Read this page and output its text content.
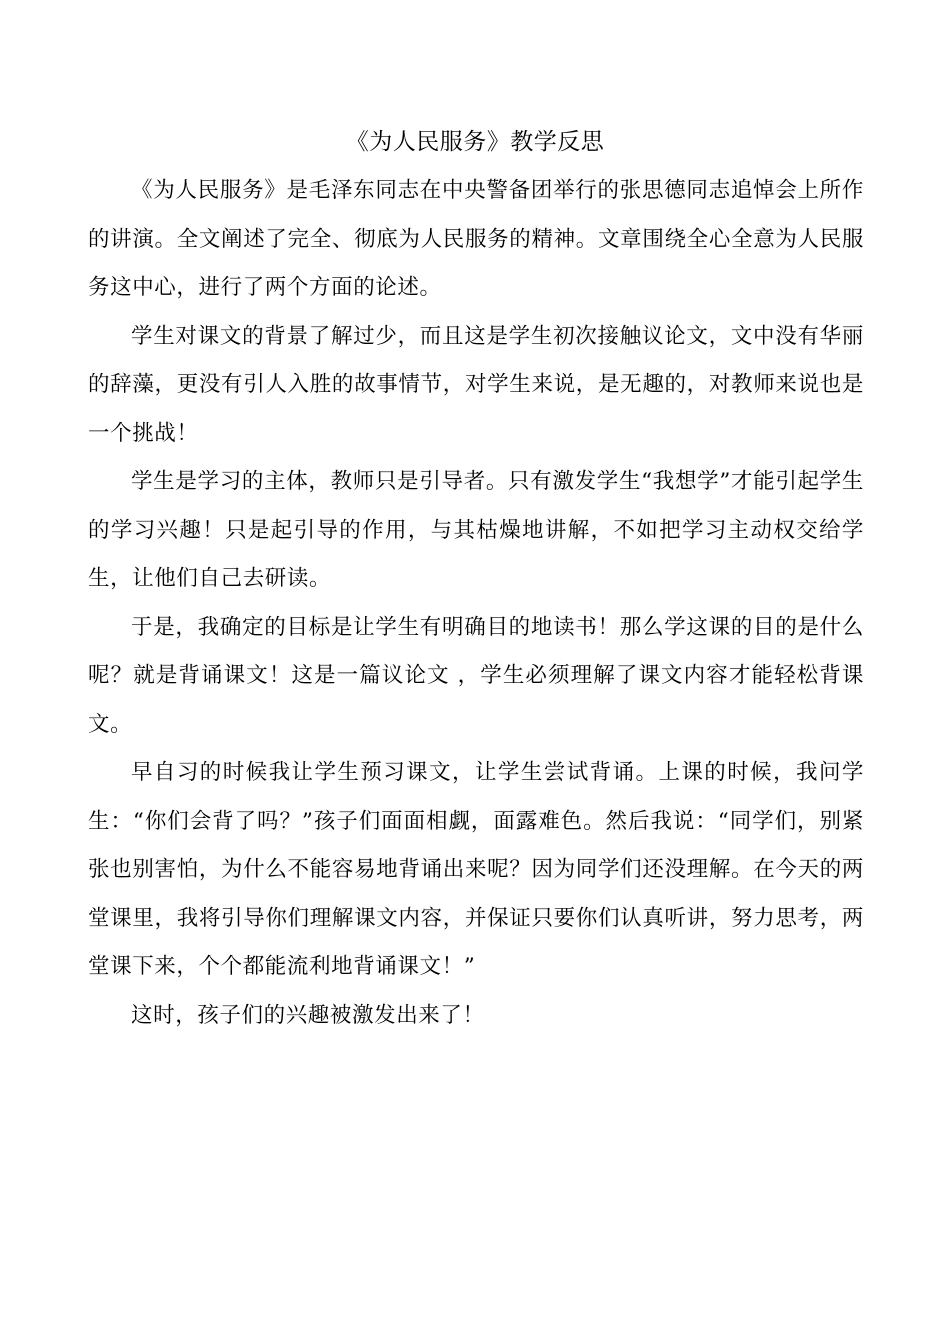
《为人民服务》教学反思

《为人民服务》是毛泽东同志在中央警备团举行的张思德同志追悼会上所作的讲演。全文阐述了完全、彻底为人民服务的精神。文章围绕全心全意为人民服务这中心，进行了两个方面的论述。

学生对课文的背景了解过少，而且这是学生初次接触议论文，文中没有华丽的辞藻，更没有引人入胜的故事情节，对学生来说，是无趣的，对教师来说也是一个挑战！

学生是学习的主体，教师只是引导者。只有激发学生“我想学”才能引起学生的学习兴趣！只是起引导的作用，与其枯燥地讲解，不如把学习主动权交给学生，让他们自己去研读。

于是，我确定的目标是让学生有明确目的地读书！那么学这课的目的是什么呢？就是背诵课文！这是一篇议论文 ，学生必须理解了课文内容才能轻松背课文。

早自习的时候我让学生预习课文，让学生尝试背诵。上课的时候，我问学生：“你们会背了吗？”孩子们面面相觑，面露难色。然后我说：“同学们，别紧张也别害怕，为什么不能容易地背诵出来呢？因为同学们还没理解。在今天的两堂课里，我将引导你们理解课文内容，并保证只要你们认真听讲，努力思考，两堂课下来，个个都能流利地背诵课文！”

这时，孩子们的兴趣被激发出来了！
